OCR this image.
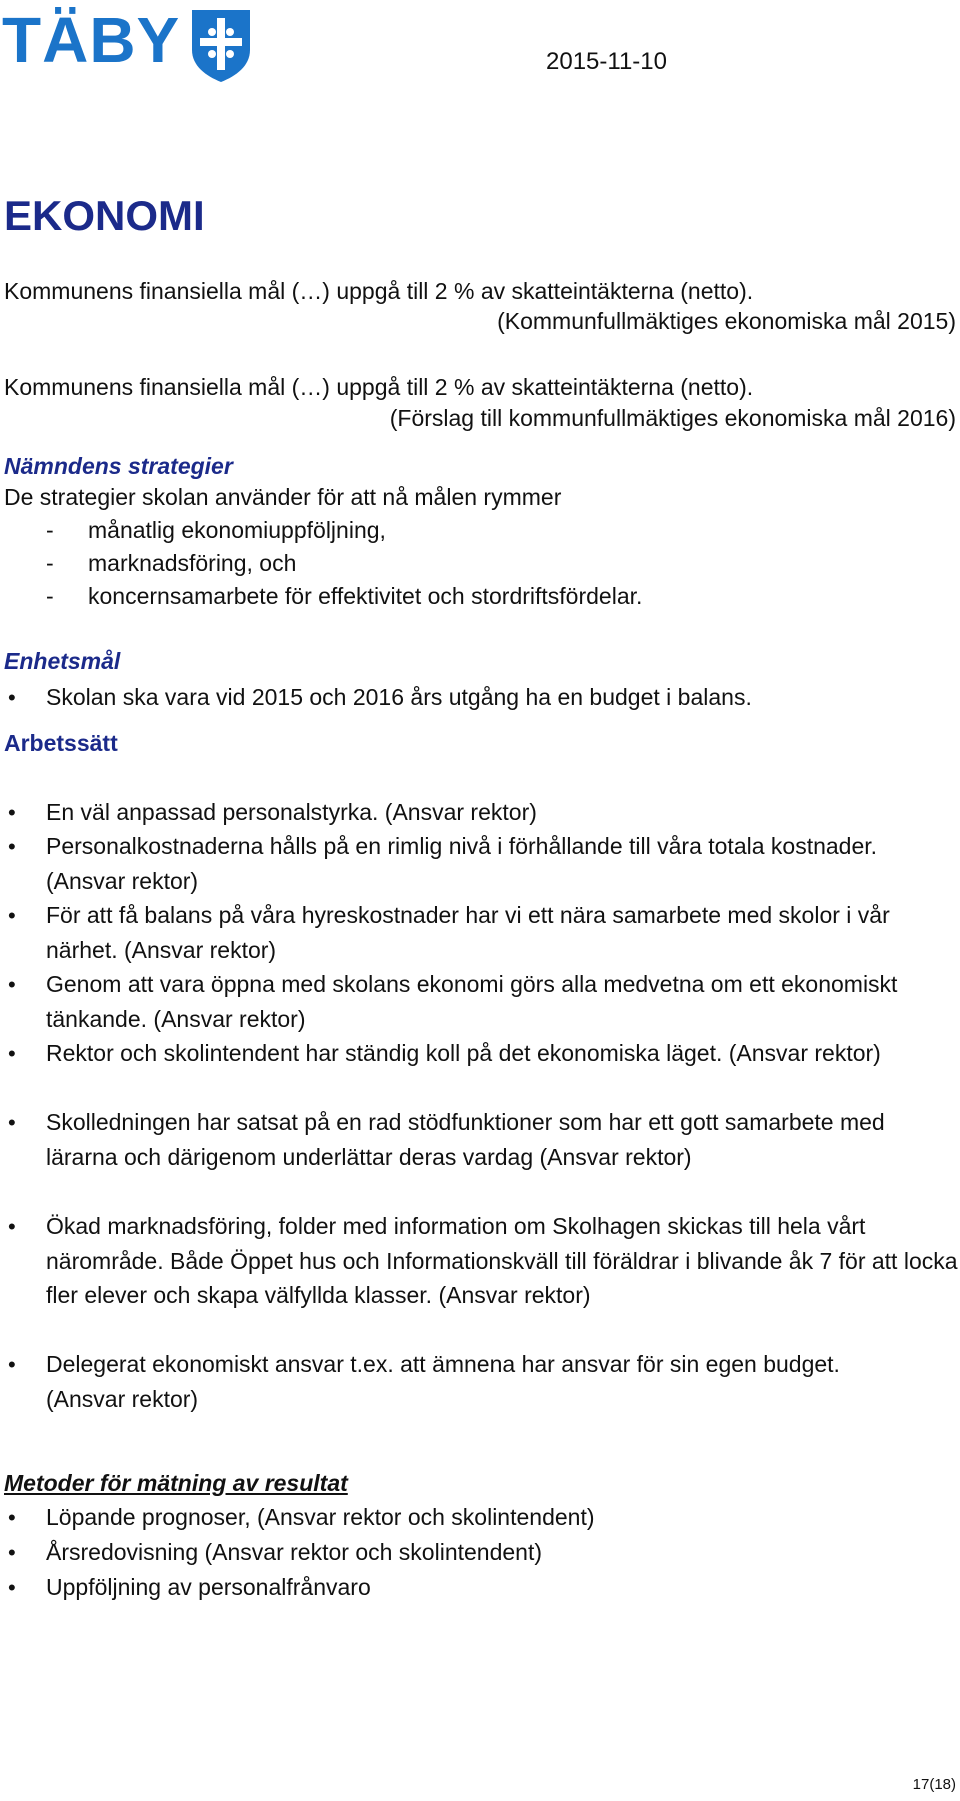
TÄBY	2015-11-10
EKONOMI
Kommunens finansiella mål (…) uppgå till 2 % av skatteintäkterna (netto).
(Kommunfullmäktiges ekonomiska mål 2015)
Kommunens finansiella mål (…) uppgå till 2 % av skatteintäkterna (netto).
(Förslag till kommunfullmäktiges ekonomiska mål 2016)
Nämndens strategier
De strategier skolan använder för att nå målen rymmer
- månatlig ekonomiuppföljning,
- marknadsföring, och
- koncernsamarbete för effektivitet och stordriftsfördelar.
Enhetsmål
• Skolan ska vara vid 2015 och 2016 års utgång ha en budget i balans.
Arbetssätt
• En väl anpassad personalstyrka. (Ansvar rektor)
• Personalkostnaderna hålls på en rimlig nivå i förhållande till våra totala kostnader. (Ansvar rektor)
• För att få balans på våra hyreskostnader har vi ett nära samarbete med skolor i vår närhet. (Ansvar rektor)
• Genom att vara öppna med skolans ekonomi görs alla medvetna om ett ekonomiskt tänkande. (Ansvar rektor)
• Rektor och skolintendent har ständig koll på det ekonomiska läget. (Ansvar rektor)
• Skolledningen har satsat på en rad stödfunktioner som har ett gott samarbete med lärarna och därigenom underlättar deras vardag (Ansvar rektor)
• Ökad marknadsföring, folder med information om Skolhagen skickas till hela vårt närområde. Både Öppet hus och Informationskväll till föräldrar i blivande åk 7 för att locka fler elever och skapa välfyllda klasser. (Ansvar rektor)
• Delegerat ekonomiskt ansvar t.ex. att ämnena har ansvar för sin egen budget. (Ansvar rektor)
Metoder för mätning av resultat
• Löpande prognoser, (Ansvar rektor och skolintendent)
• Årsredovisning (Ansvar rektor och skolintendent)
• Uppföljning av personalfrånvaro
17(18)
